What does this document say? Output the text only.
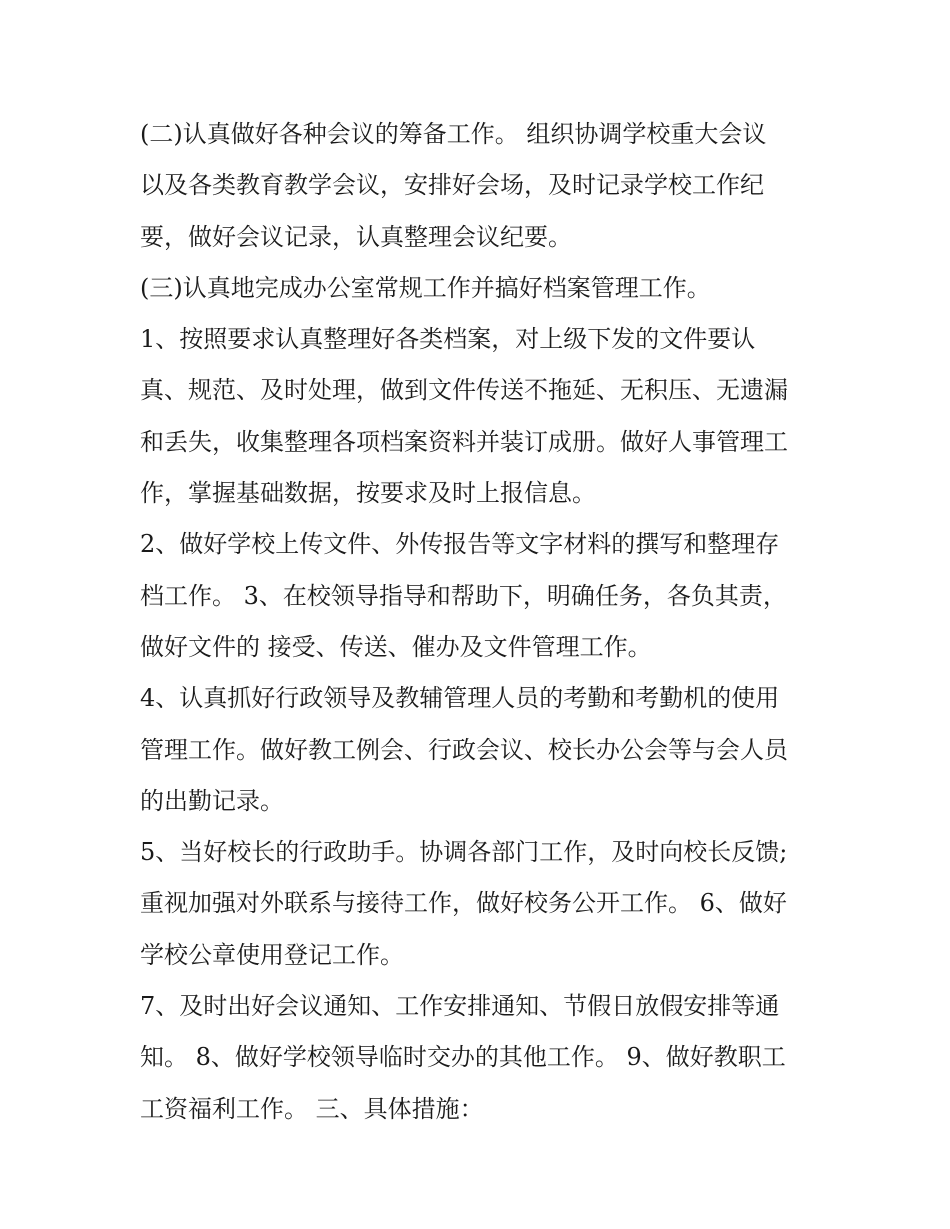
(二)认真做好各种会议的筹备工作。 组织协调学校重大会议
以及各类教育教学会议，安排好会场，及时记录学校工作纪
要，做好会议记录，认真整理会议纪要。
(三)认真地完成办公室常规工作并搞好档案管理工作。
1、按照要求认真整理好各类档案，对上级下发的文件要认
真、规范、及时处理，做到文件传送不拖延、无积压、无遗漏
和丢失，收集整理各项档案资料并装订成册。做好人事管理工
作，掌握基础数据，按要求及时上报信息。
2、做好学校上传文件、外传报告等文字材料的撰写和整理存
档工作。 3、在校领导指导和帮助下，明确任务，各负其责，
做好文件的 接受、传送、催办及文件管理工作。
4、认真抓好行政领导及教辅管理人员的考勤和考勤机的使用
管理工作。做好教工例会、行政会议、校长办公会等与会人员
的出勤记录。
5、当好校长的行政助手。协调各部门工作，及时向校长反馈;
重视加强对外联系与接待工作，做好校务公开工作。 6、做好
学校公章使用登记工作。
7、及时出好会议通知、工作安排通知、节假日放假安排等通
知。 8、做好学校领导临时交办的其他工作。 9、做好教职工
工资福利工作。 三、具体措施：
